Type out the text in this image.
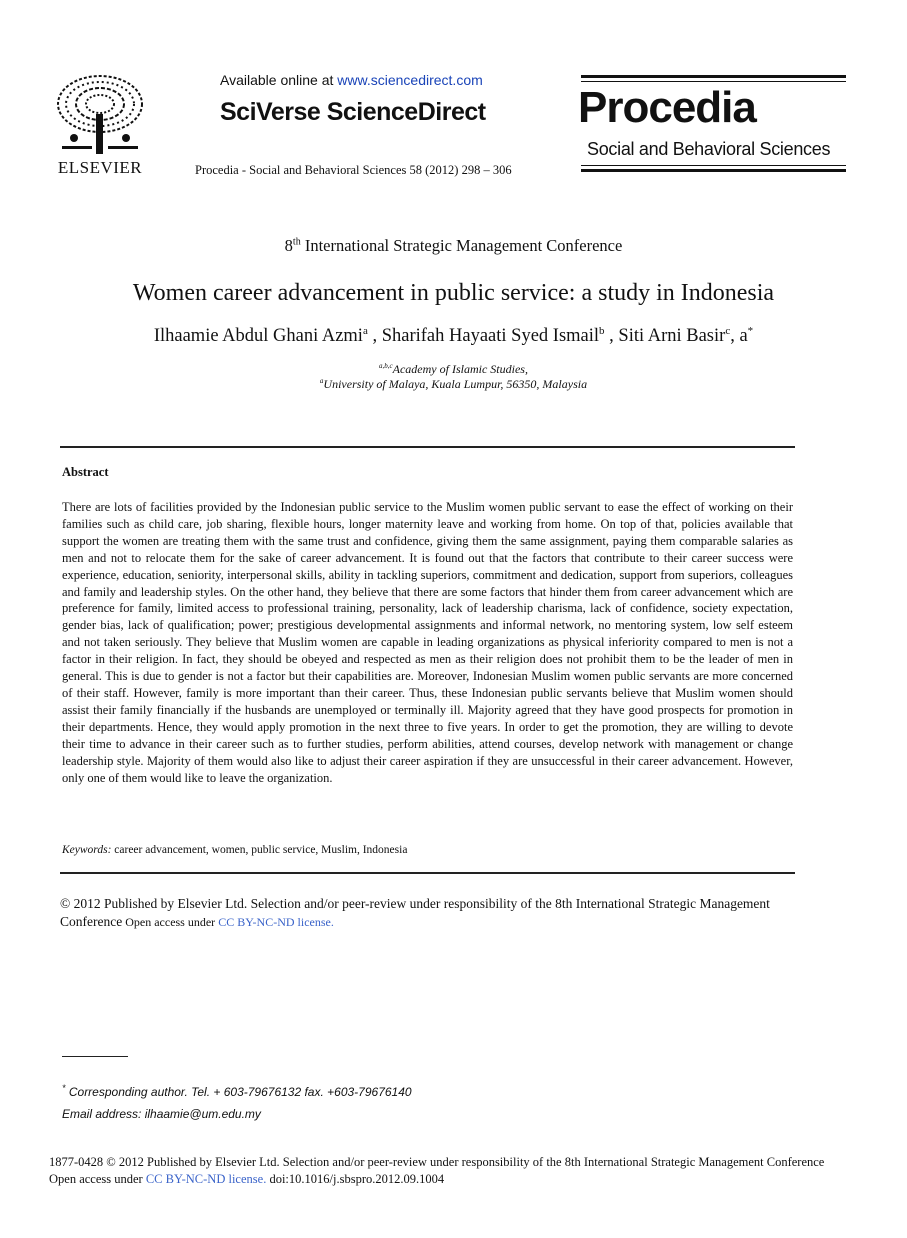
ELSEVIER
Available online at www.sciencedirect.com
SciVerse ScienceDirect
Procedia - Social and Behavioral Sciences 58 (2012) 298 – 306
Procedia
Social and Behavioral Sciences
8th International Strategic Management Conference
Women career advancement in public service: a study in Indonesia
Ilhaamie Abdul Ghani Azmi$^a$ , Sharifah Hayaati Syed Ismail$^b$ , Siti Arni Basir$^c$, a*
$^{a,b,c}$Academy of Islamic Studies,
$^a$University of Malaya, Kuala Lumpur, 56350, Malaysia
Abstract
There are lots of facilities provided by the Indonesian public service to the Muslim women public servant to ease the effect of working on their families such as child care, job sharing, flexible hours, longer maternity leave and working from home. On top of that, policies available that support the women are treating them with the same trust and confidence, giving them the same assignment, paying them comparable salaries as men and not to relocate them for the sake of career advancement. It is found out that the factors that contribute to their career success were experience, education, seniority, interpersonal skills, ability in tackling superiors, commitment and dedication, support from superiors, colleagues and family and leadership styles. On the other hand, they believe that there are some factors that hinder them from career advancement which are preference for family, limited access to professional training, personality, lack of leadership charisma, lack of confidence, society expectation, gender bias, lack of qualification; power; prestigious developmental assignments and informal network, no mentoring system, low self esteem and not taken seriously. They believe that Muslim women are capable in leading organizations as physical inferiority compared to men is not a factor in their religion. In fact, they should be obeyed and respected as men as their religion does not prohibit them to be the leader of men in general. This is due to gender is not a factor but their capabilities are. Moreover, Indonesian Muslim women public servants are more concerned of their staff. However, family is more important than their career. Thus, these Indonesian public servants believe that Muslim women should assist their family financially if the husbands are unemployed or terminally ill. Majority agreed that they have good prospects for promotion in their departments. Hence, they would apply promotion in the next three to five years. In order to get the promotion, they are willing to devote their time to advance in their career such as to further studies, perform abilities, attend courses, develop network with management or change leadership style. Majority of them would also like to adjust their career aspiration if they are unsuccessful in their career advancement. However, only one of them would like to leave the organization.
Keywords: career advancement, women, public service, Muslim, Indonesia
© 2012 Published by Elsevier Ltd. Selection and/or peer-review under responsibility of the 8th International Strategic Management Conference Open access under CC BY-NC-ND license.
* Corresponding author. Tel. + 603-79676132 fax. +603-79676140
Email address: ilhaamie@um.edu.my
1877-0428 © 2012 Published by Elsevier Ltd. Selection and/or peer-review under responsibility of the 8th International Strategic Management Conference
Open access under CC BY-NC-ND license. doi:10.1016/j.sbspro.2012.09.1004
